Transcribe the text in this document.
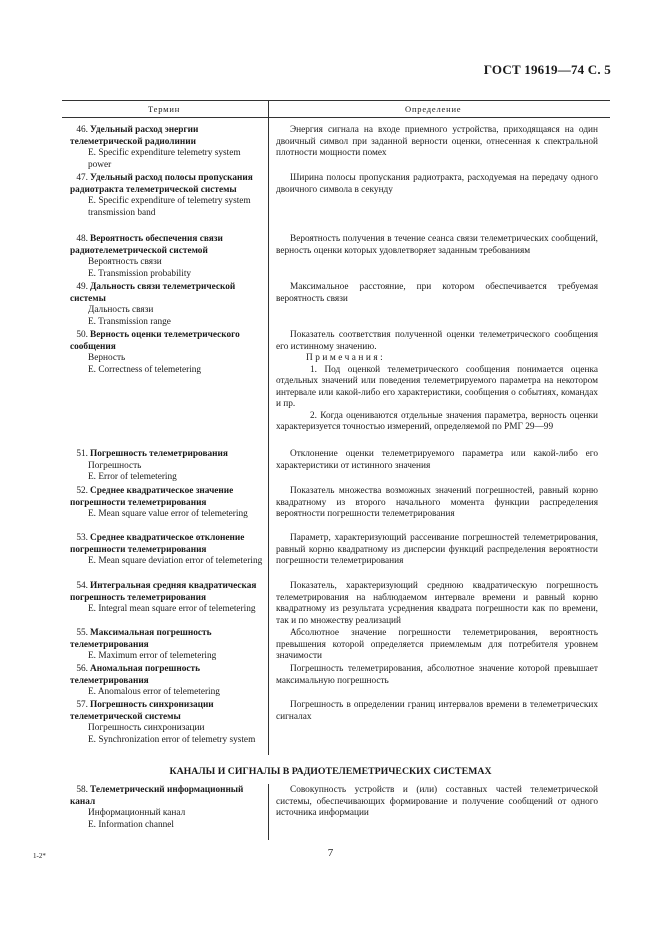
ГОСТ 19619—74 С. 5
Термин	Определение
46. Удельный расход энергии телеметрической радиолинии
E. Specific expenditure telemetry system power
47. Удельный расход полосы пропускания радиотракта телеметрической системы
E. Specific expenditure of telemetry system transmission band
48. Вероятность обеспечения связи радиотелеметрической системой
Вероятность связи
E. Transmission probability
49. Дальность связи телеметрической системы
Дальность связи
E. Transmission range
50. Верность оценки телеметрического сообщения
Верность
E. Correctness of telemetering
51. Погрешность телеметрирования
Погрешность
E. Error of telemetering
52. Среднее квадратическое значение погрешности телеметрирования
E. Mean square value error of telemetering
53. Среднее квадратическое отклонение погрешности телеметрирования
E. Mean square deviation error of telemetering
54. Интегральная средняя квадратическая погрешность телеметрирования
E. Integral mean square error of telemetering
55. Максимальная погрешность телеметрирования
E. Maximum error of telemetering
56. Аномальная погрешность телеметрирования
E. Anomalous error of telemetering
57. Погрешность синхронизации телеметрической системы
Погрешность синхронизации
E. Synchronization error of telemetry system
Энергия сигнала на входе приемного устройства, приходящаяся на один двоичный символ при заданной верности оценки, отнесенная к спектральной плотности мощности помех
Ширина полосы пропускания радиотракта, расходуемая на передачу одного двоичного символа в секунду
Вероятность получения в течение сеанса связи телеметрических сообщений, верность оценки которых удовлетворяет заданным требованиям
Максимальное расстояние, при котором обеспечивается требуемая вероятность связи
Показатель соответствия полученной оценки телеметрического сообщения его истинному значению.
Примечания:
1. Под оценкой телеметрического сообщения понимается оценка отдельных значений или поведения телеметрируемого параметра на некотором интервале или какой-либо его характеристики, сообщения о событиях, командах и пр.
2. Когда оцениваются отдельные значения параметра, верность оценки характеризуется точностью измерений, определяемой по РМГ 29—99
Отклонение оценки телеметрируемого параметра или какой-либо его характеристики от истинного значения
Показатель множества возможных значений погрешностей, равный корню квадратному из второго начального момента функции распределения вероятности погрешности телеметрирования
Параметр, характеризующий рассеивание погрешностей телеметрирования, равный корню квадратному из дисперсии функций распределения вероятности погрешности телеметрирования
Показатель, характеризующий среднюю квадратическую погрешность телеметрирования на наблюдаемом интервале времени и равный корню квадратному из результата усреднения квадрата погрешности как по времени, так и по множеству реализаций
Абсолютное значение погрешности телеметрирования, вероятность превышения которой определяется приемлемым для потребителя уровнем значимости
Погрешность телеметрирования, абсолютное значение которой превышает максимальную погрешность
Погрешность в определении границ интервалов времени в телеметрических сигналах
КАНАЛЫ И СИГНАЛЫ В РАДИОТЕЛЕМЕТРИЧЕСКИХ СИСТЕМАХ
58. Телеметрический информационный канал
Информационный канал
E. Information channel
Совокупность устройств и (или) составных частей телеметрической системы, обеспечивающих формирование и получение сообщений от одного источника информации
7
1-2*
